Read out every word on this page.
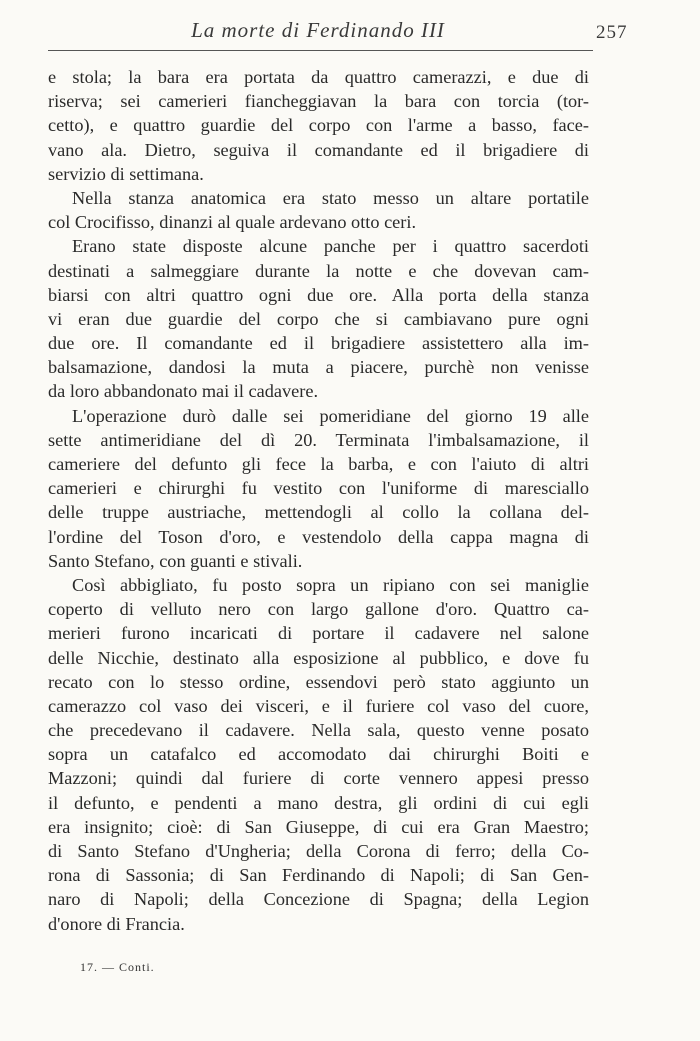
La morte di Ferdinando III	257
e stola; la bara era portata da quattro camerazzi, e due di
riserva; sei camerieri fiancheggiavan la bara con torcia (tor-
cetto), e quattro guardie del corpo con l'arme a basso, face-
vano ala. Dietro, seguiva il comandante ed il brigadiere di
servizio di settimana.
Nella stanza anatomica era stato messo un altare portatile
col Crocifisso, dinanzi al quale ardevano otto ceri.
Erano state disposte alcune panche per i quattro sacerdoti
destinati a salmeggiare durante la notte e che dovevan cam-
biarsi con altri quattro ogni due ore. Alla porta della stanza
vi eran due guardie del corpo che si cambiavano pure ogni
due ore. Il comandante ed il brigadiere assistettero alla im-
balsamazione, dandosi la muta a piacere, purchè non venisse
da loro abbandonato mai il cadavere.
L'operazione durò dalle sei pomeridiane del giorno 19 alle
sette antimeridiane del dì 20. Terminata l'imbalsamazione, il
cameriere del defunto gli fece la barba, e con l'aiuto di altri
camerieri e chirurghi fu vestito con l'uniforme di maresciallo
delle truppe austriache, mettendogli al collo la collana del-
l'ordine del Toson d'oro, e vestendolo della cappa magna di
Santo Stefano, con guanti e stivali.
Così abbigliato, fu posto sopra un ripiano con sei maniglie
coperto di velluto nero con largo gallone d'oro. Quattro ca-
merieri furono incaricati di portare il cadavere nel salone
delle Nicchie, destinato alla esposizione al pubblico, e dove fu
recato con lo stesso ordine, essendovi però stato aggiunto un
camerazzo col vaso dei visceri, e il furiere col vaso del cuore,
che precedevano il cadavere. Nella sala, questo venne posato
sopra un catafalco ed accomodato dai chirurghi Boiti e
Mazzoni; quindi dal furiere di corte vennero appesi presso
il defunto, e pendenti a mano destra, gli ordini di cui egli
era insignito; cioè: di San Giuseppe, di cui era Gran Maestro;
di Santo Stefano d'Ungheria; della Corona di ferro; della Co-
rona di Sassonia; di San Ferdinando di Napoli; di San Gen-
naro di Napoli; della Concezione di Spagna; della Legion
d'onore di Francia.
17. — Conti.
